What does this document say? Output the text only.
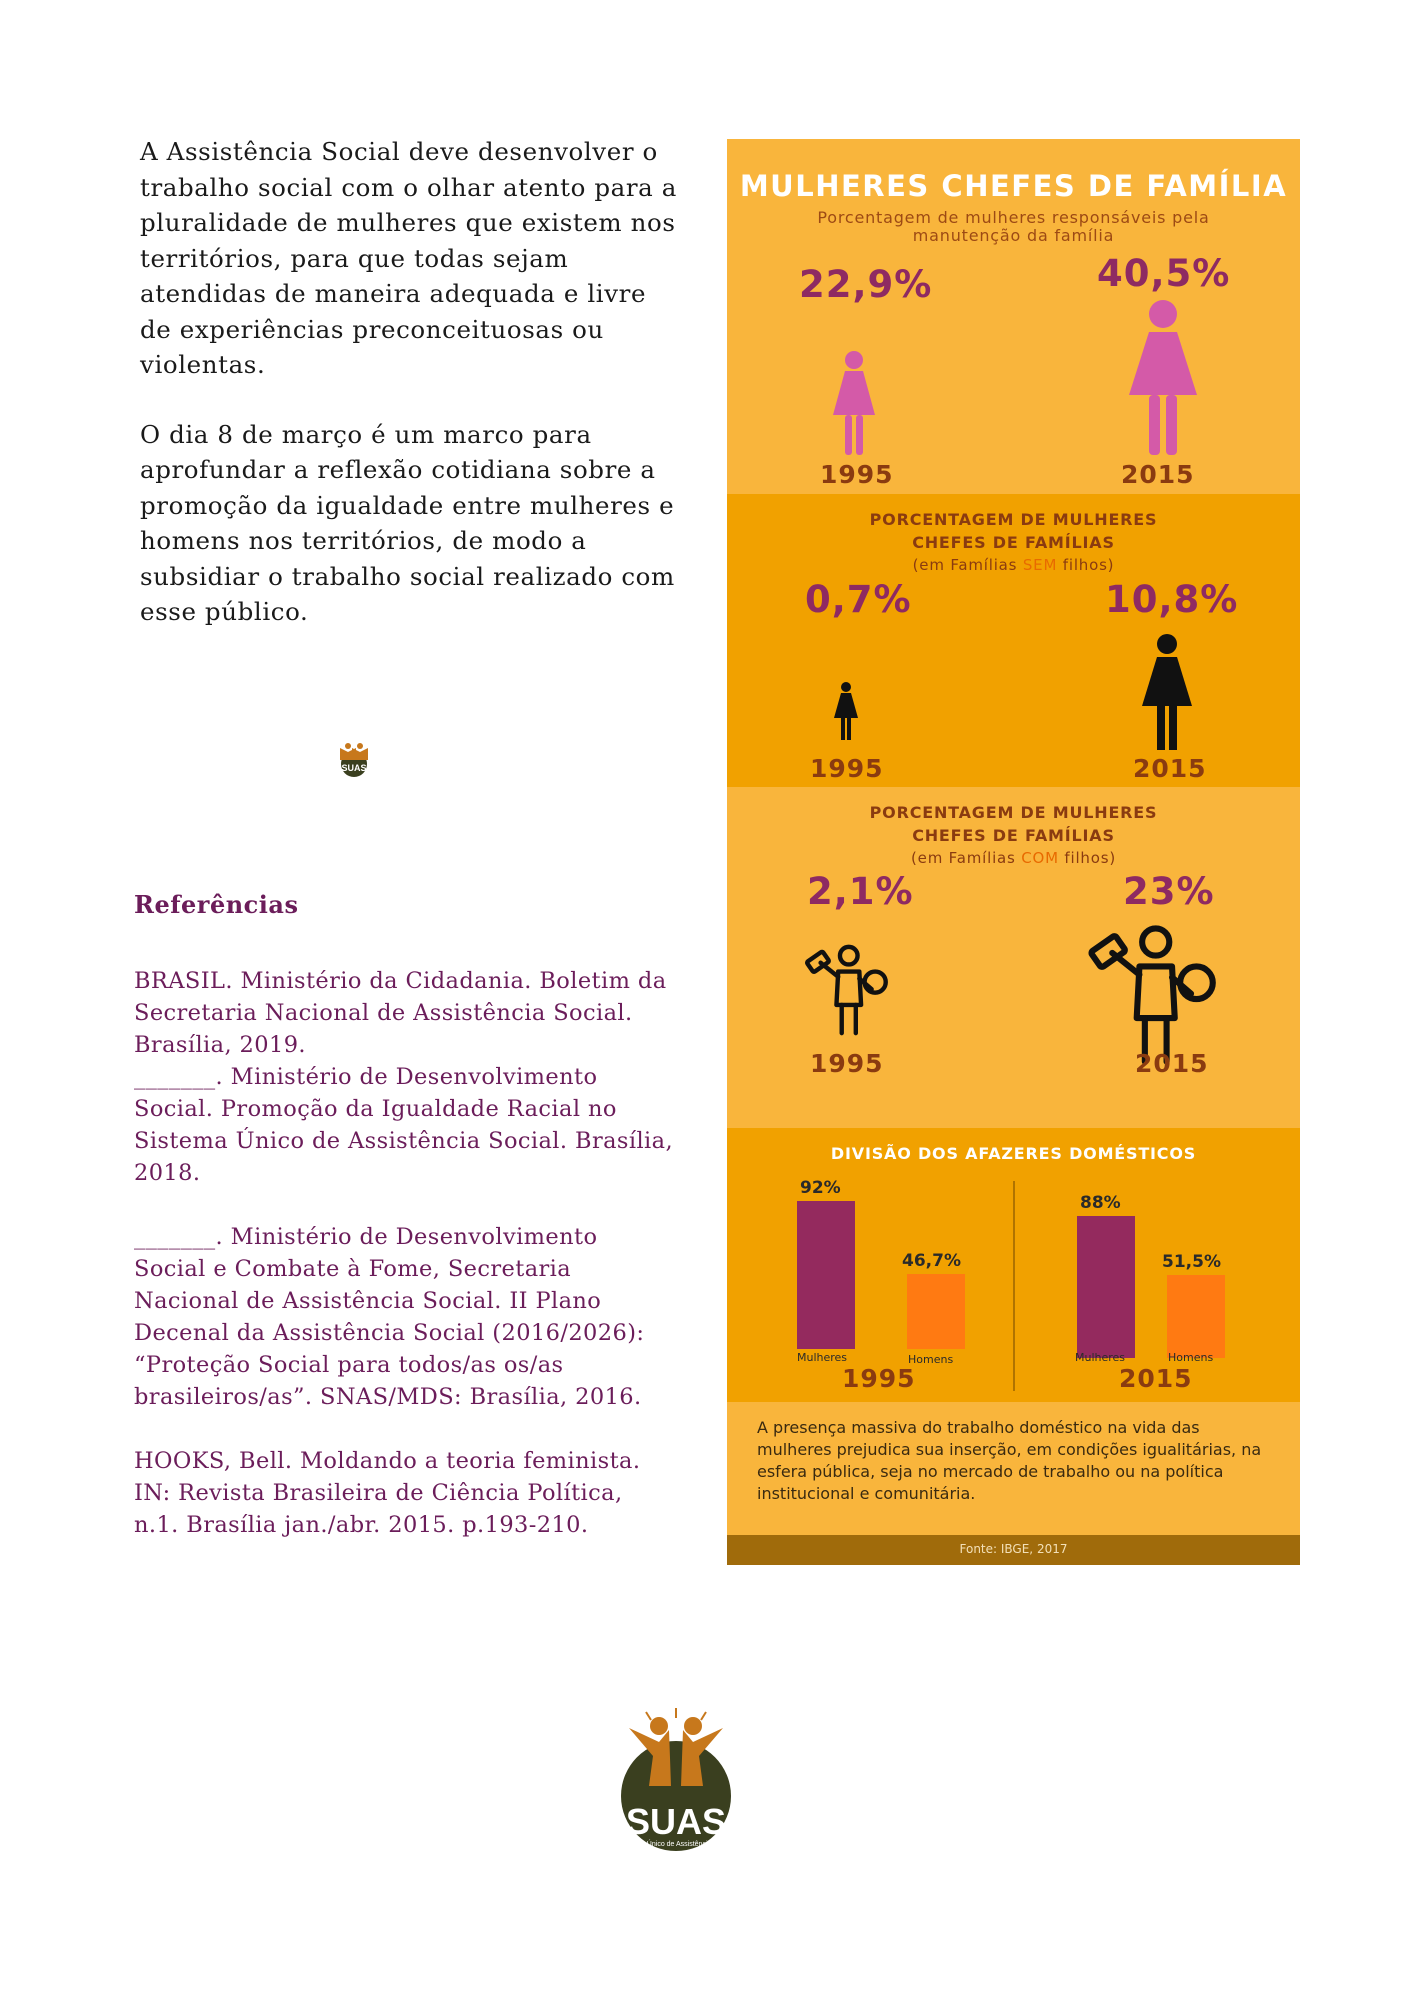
A Assistência Social deve desenvolver o trabalho social com o olhar atento para a pluralidade de mulheres que existem nos territórios, para que todas sejam atendidas de maneira adequada e livre de experiências preconceituosas ou violentas.

O dia 8 de março é um marco para aprofundar a reflexão cotidiana sobre a promoção da igualdade entre mulheres e homens nos territórios, de modo a subsidiar o trabalho social realizado com esse público.

SUAS
Referências

BRASIL. Ministério da Cidadania. Boletim da Secretaria Nacional de Assistência Social. Brasília, 2019.

_______. Ministério de Desenvolvimento Social. Promoção da Igualdade Racial no Sistema Único de Assistência Social. Brasília, 2018.

_______. Ministério de Desenvolvimento Social e Combate à Fome, Secretaria Nacional de Assistência Social. II Plano Decenal da Assistência Social (2016/2026): “Proteção Social para todos/as os/as brasileiros/as”. SNAS/MDS: Brasília, 2016.

HOOKS, Bell. Moldando a teoria feminista. IN: Revista Brasileira de Ciência Política, n.1. Brasília jan./abr. 2015. p.193-210.

MULHERES CHEFES DE FAMÍLIA
Porcentagem de mulheres responsáveis pela manutenção da família
22,9%	40,5%
1995	2015
PORCENTAGEM DE MULHERES
CHEFES DE FAMÍLIAS
(em Famílias SEM filhos)
0,7%	10,8%
1995	2015
PORCENTAGEM DE MULHERES
CHEFES DE FAMÍLIAS
(em Famílias COM filhos)
2,1%	23%
1995	2015
DIVISÃO DOS AFAZERES DOMÉSTICOS
92%
46,7%
88%
51,5%
Mulheres	Homens	Mulheres	Homens
1995	2015
A presença massiva do trabalho doméstico na vida das mulheres prejudica sua inserção, em condições igualitárias, na esfera pública, seja no mercado de trabalho ou na política institucional e comunitária.
Fonte: IBGE, 2017
SUAS
Sistema Único de Assistência Social
